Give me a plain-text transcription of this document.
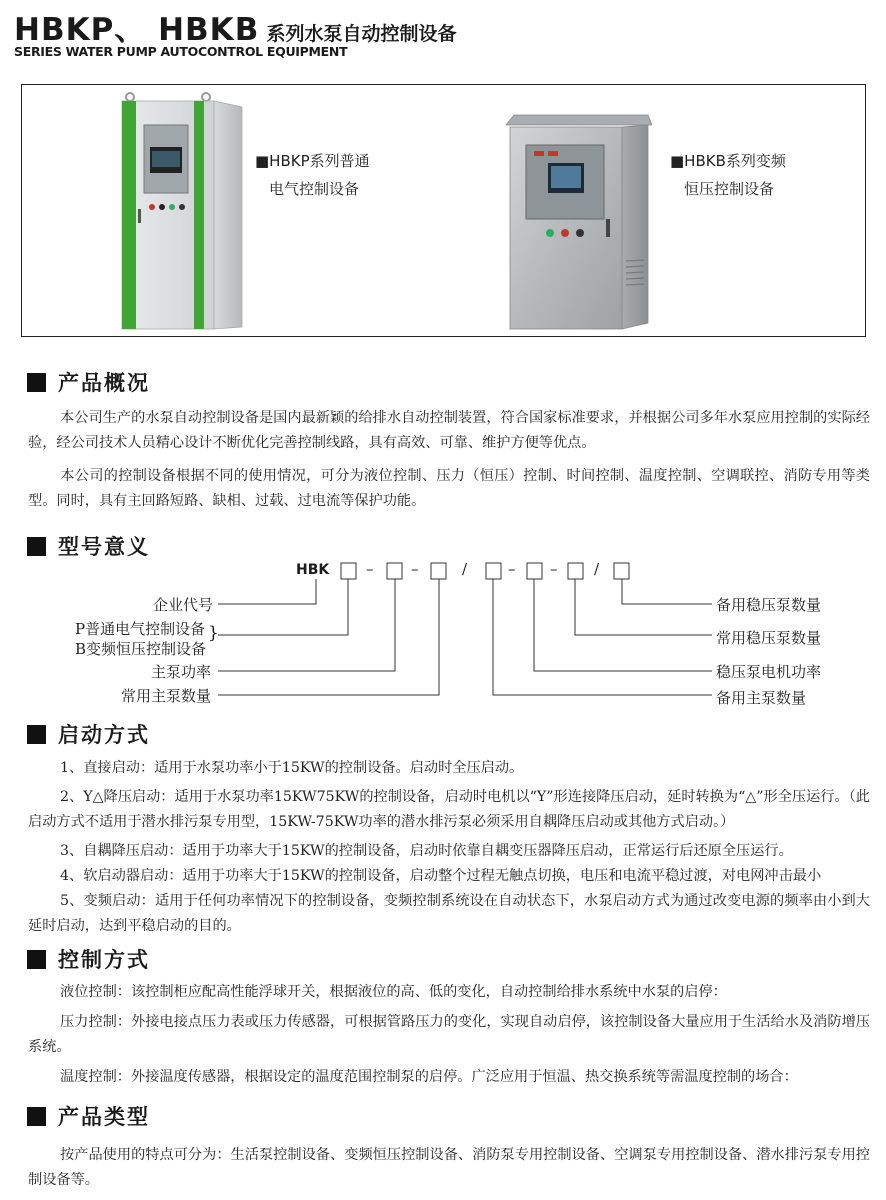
HBKP、 HBKB 系列水泵自动控制设备
SERIES WATER PUMP AUTOCONTROL EQUIPMENT
■HBKP系列普通
电气控制设备
■HBKB系列变频
恒压控制设备
产品概况
本公司生产的水泵自动控制设备是国内最新颖的给排水自动控制装置，符合国家标准要求，并根据公司多年水泵应用控制的实际经验，经公司技术人员精心设计不断优化完善控制线路，具有高效、可靠、维护方便等优点。
本公司的控制设备根据不同的使用情况，可分为液位控制、压力（恒压）控制、时间控制、温度控制、空调联控、消防专用等类型。同时，具有主回路短路、缺相、过载、过电流等保护功能。
型号意义
HBK –	–	/	– – /
企业代号
P普通电气控制设备
B变频恒压控制设备
}
主泵功率
常用主泵数量
备用稳压泵数量
常用稳压泵数量
稳压泵电机功率
备用主泵数量
启动方式
1、直接启动：适用于水泵功率小于15KW的控制设备。启动时全压启动。
2、Y△降压启动：适用于水泵功率15KW75KW的控制设备，启动时电机以“Y”形连接降压启动，延时转换为“△”形全压运行。（此启动方式不适用于潜水排污泵专用型，15KW-75KW功率的潜水排污泵必须采用自耦降压启动或其他方式启动。）
3、自耦降压启动：适用于功率大于15KW的控制设备，启动时依靠自耦变压器降压启动，正常运行后还原全压运行。
4、软启动器启动：适用于功率大于15KW的控制设备，启动整个过程无触点切换，电压和电流平稳过渡，对电网冲击最小
5、变频启动：适用于任何功率情况下的控制设备，变频控制系统设在自动状态下，水泵启动方式为通过改变电源的频率由小到大延时启动，达到平稳启动的目的。
控制方式
液位控制：该控制柜应配高性能浮球开关，根据液位的高、低的变化，自动控制给排水系统中水泵的启停：
压力控制：外接电接点压力表或压力传感器，可根据管路压力的变化，实现自动启停，该控制设备大量应用于生活给水及消防增压系统。
温度控制：外接温度传感器，根据设定的温度范围控制泵的启停。广泛应用于恒温、热交换系统等需温度控制的场合：
产品类型
按产品使用的特点可分为：生活泵控制设备、变频恒压控制设备、消防泵专用控制设备、空调泵专用控制设备、潜水排污泵专用控制设备等。
